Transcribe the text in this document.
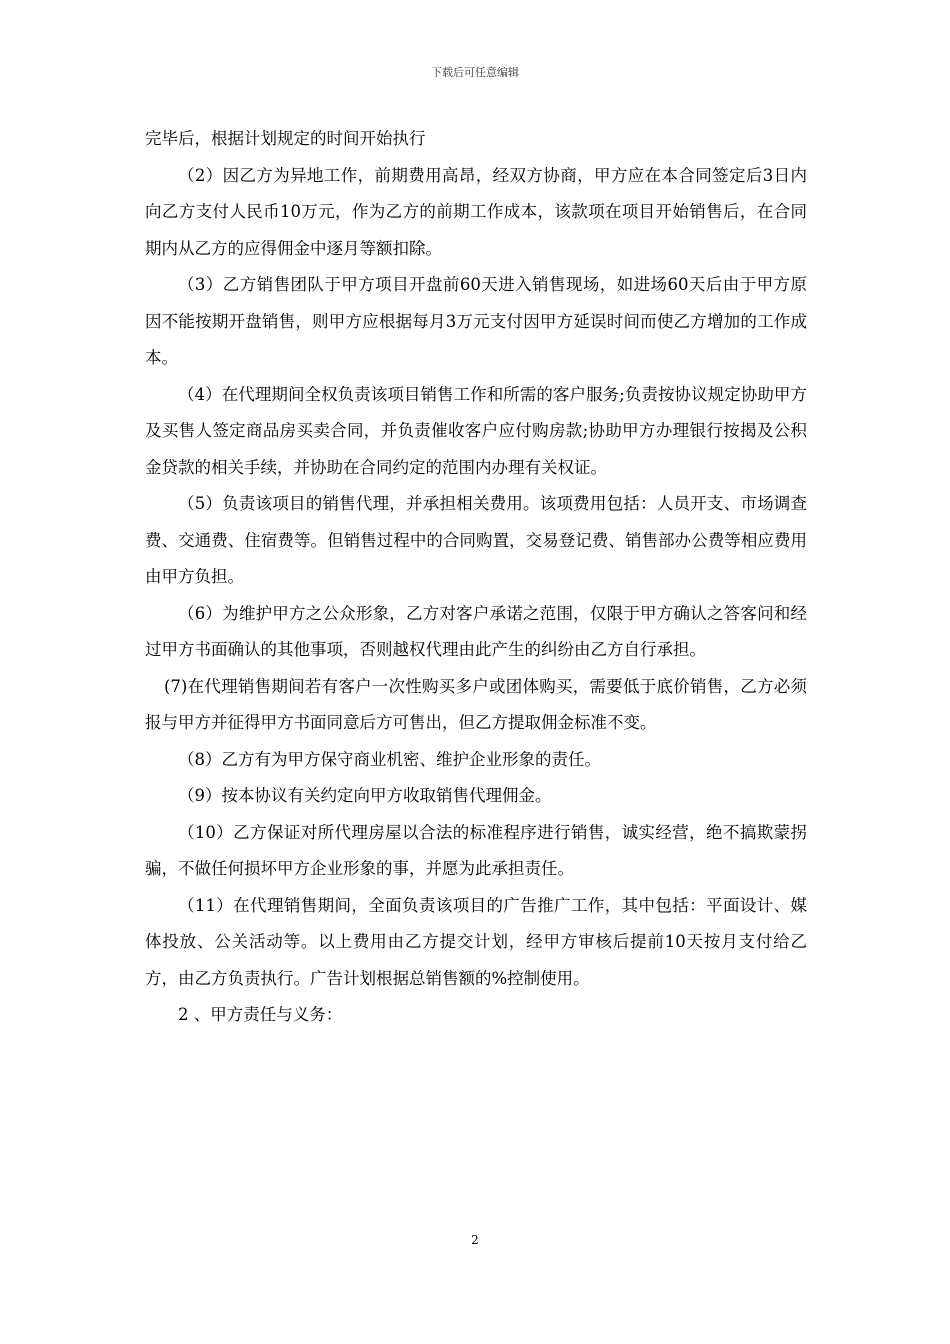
下载后可任意编辑

完毕后，根据计划规定的时间开始执行

（2）因乙方为异地工作，前期费用高昂，经双方协商，甲方应在本合同签定后3日内向乙方支付人民币10万元，作为乙方的前期工作成本，该款项在项目开始销售后，在合同期内从乙方的应得佣金中逐月等额扣除。

（3）乙方销售团队于甲方项目开盘前60天进入销售现场，如进场60天后由于甲方原因不能按期开盘销售，则甲方应根据每月3万元支付因甲方延误时间而使乙方增加的工作成本。

（4）在代理期间全权负责该项目销售工作和所需的客户服务;负责按协议规定协助甲方及买售人签定商品房买卖合同，并负责催收客户应付购房款;协助甲方办理银行按揭及公积金贷款的相关手续，并协助在合同约定的范围内办理有关权证。

（5）负责该项目的销售代理，并承担相关费用。该项费用包括：人员开支、市场调查费、交通费、住宿费等。但销售过程中的合同购置，交易登记费、销售部办公费等相应费用由甲方负担。

（6）为维护甲方之公众形象，乙方对客户承诺之范围，仅限于甲方确认之答客问和经过甲方书面确认的其他事项，否则越权代理由此产生的纠纷由乙方自行承担。

(7)在代理销售期间若有客户一次性购买多户或团体购买，需要低于底价销售，乙方必须报与甲方并征得甲方书面同意后方可售出，但乙方提取佣金标准不变。

（8）乙方有为甲方保守商业机密、维护企业形象的责任。

（9）按本协议有关约定向甲方收取销售代理佣金。

（10）乙方保证对所代理房屋以合法的标准程序进行销售，诚实经营，绝不搞欺蒙拐骗，不做任何损坏甲方企业形象的事，并愿为此承担责任。

（11）在代理销售期间，全面负责该项目的广告推广工作，其中包括：平面设计、媒体投放、公关活动等。以上费用由乙方提交计划，经甲方审核后提前10天按月支付给乙方，由乙方负责执行。广告计划根据总销售额的%控制使用。

2 、甲方责任与义务：

2
